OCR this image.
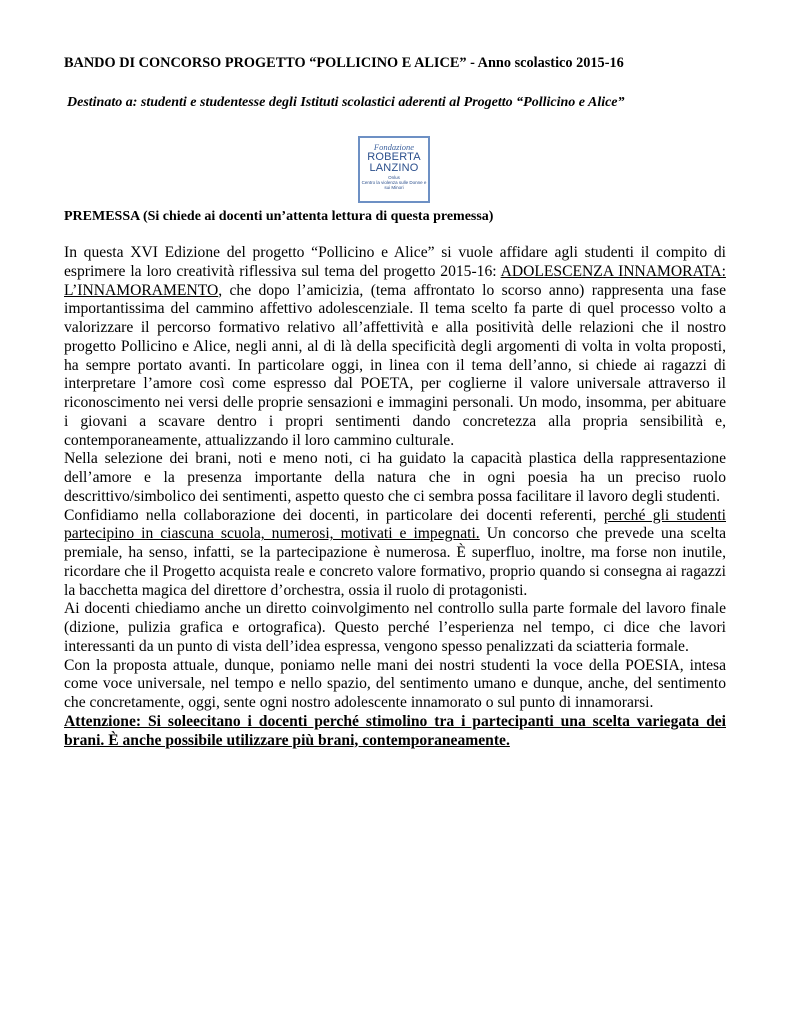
BANDO DI CONCORSO PROGETTO “POLLICINO E ALICE” - Anno scolastico 2015-16
Destinato a: studenti e studentesse degli Istituti scolastici aderenti al Progetto “Pollicino e Alice”
Fondazione
ROBERTA
LANZINO
Onlus
Centro la violenza sulle Donne e sui Minori
PREMESSA (Si chiede ai docenti un’attenta lettura di questa premessa)

In questa XVI Edizione del progetto “Pollicino e Alice” si vuole affidare agli studenti il compito di esprimere la loro creatività riflessiva sul tema del progetto 2015-16: ADOLESCENZA INNAMORATA: L’INNAMORAMENTO, che dopo l’amicizia, (tema affrontato lo scorso anno) rappresenta una fase importantissima del cammino affettivo adolescenziale. Il tema scelto fa parte di quel processo volto a valorizzare il percorso formativo relativo all’affettività e alla positività delle relazioni che il nostro progetto Pollicino e Alice, negli anni, al di là della specificità degli argomenti di volta in volta proposti, ha sempre portato avanti. In particolare oggi, in linea con il tema dell’anno, si chiede ai ragazzi di interpretare l’amore così come espresso dal POETA, per coglierne il valore universale attraverso il riconoscimento nei versi delle proprie sensazioni e immagini personali. Un modo, insomma, per abituare i giovani a scavare dentro i propri sentimenti dando concretezza alla propria sensibilità e, contemporaneamente, attualizzando il loro cammino culturale.

Nella selezione dei brani, noti e meno noti, ci ha guidato la capacità plastica della rappresentazione dell’amore e la presenza importante della natura che in ogni poesia ha un preciso ruolo descrittivo/simbolico dei sentimenti, aspetto questo che ci sembra possa facilitare il lavoro degli studenti.

Confidiamo nella collaborazione dei docenti, in particolare dei docenti referenti, perché gli studenti partecipino in ciascuna scuola, numerosi, motivati e impegnati. Un concorso che prevede una scelta premiale, ha senso, infatti, se la partecipazione è numerosa. È superfluo, inoltre, ma forse non inutile, ricordare che il Progetto acquista reale e concreto valore formativo, proprio quando si consegna ai ragazzi la bacchetta magica del direttore d’orchestra, ossia il ruolo di protagonisti.

Ai docenti chiediamo anche un diretto coinvolgimento nel controllo sulla parte formale del lavoro finale (dizione, pulizia grafica e ortografica). Questo perché l’esperienza nel tempo, ci dice che lavori interessanti da un punto di vista dell’idea espressa, vengono spesso penalizzati da sciatteria formale.

Con la proposta attuale, dunque, poniamo nelle mani dei nostri studenti la voce della POESIA, intesa come voce universale, nel tempo e nello spazio, del sentimento umano e dunque, anche, del sentimento che concretamente, oggi, sente ogni nostro adolescente innamorato o sul punto di innamorarsi.

Attenzione: Si soleecitano i docenti perché stimolino tra i partecipanti una scelta variegata dei brani. È anche possibile utilizzare più brani, contemporaneamente.
